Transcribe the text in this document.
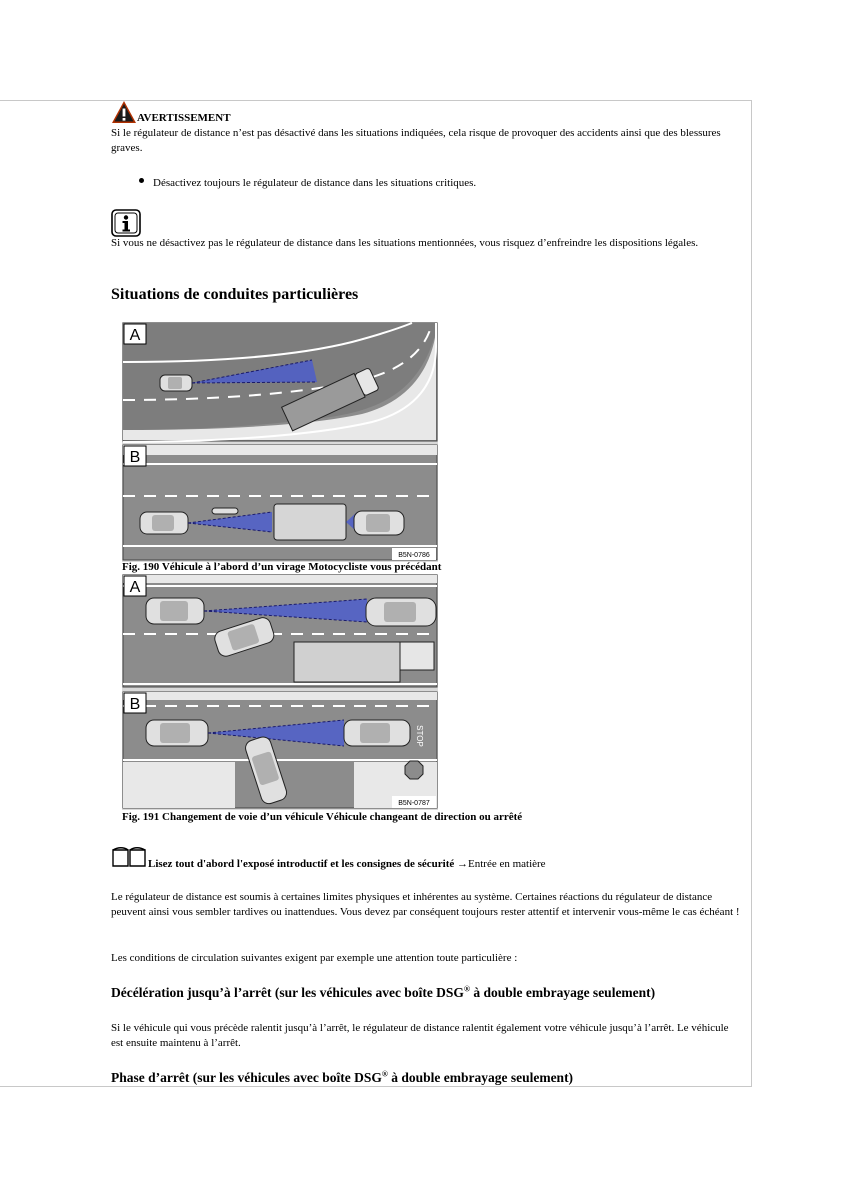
AVERTISSEMENT
Si le régulateur de distance n’est pas désactivé dans les situations indiquées, cela risque de provoquer des accidents ainsi que des blessures graves.
Désactivez toujours le régulateur de distance dans les situations critiques.
Si vous ne désactivez pas le régulateur de distance dans les situations mentionnées, vous risquez d’enfreindre les dispositions légales.
Situations de conduites particulières
A
B
B5N-0786
Fig. 190 Véhicule à l’abord d’un virage Motocycliste vous précédant
A
STOP
B
B5N-0787
Fig. 191 Changement de voie d’un véhicule Véhicule changeant de direction ou arrêté
Lisez tout d'abord l'exposé introductif et les consignes de sécurité →Entrée en matière
Le régulateur de distance est soumis à certaines limites physiques et inhérentes au système. Certaines réactions du régulateur de distance peuvent ainsi vous sembler tardives ou inattendues. Vous devez par conséquent toujours rester attentif et intervenir vous-même le cas échéant !
Les conditions de circulation suivantes exigent par exemple une attention toute particulière :
Décélération jusqu’à l’arrêt (sur les véhicules avec boîte DSG® à double embrayage seulement)
Si le véhicule qui vous précède ralentit jusqu’à l’arrêt, le régulateur de distance ralentit également votre véhicule jusqu’à l’arrêt. Le véhicule est ensuite maintenu à l’arrêt.
Phase d’arrêt (sur les véhicules avec boîte DSG® à double embrayage seulement)
